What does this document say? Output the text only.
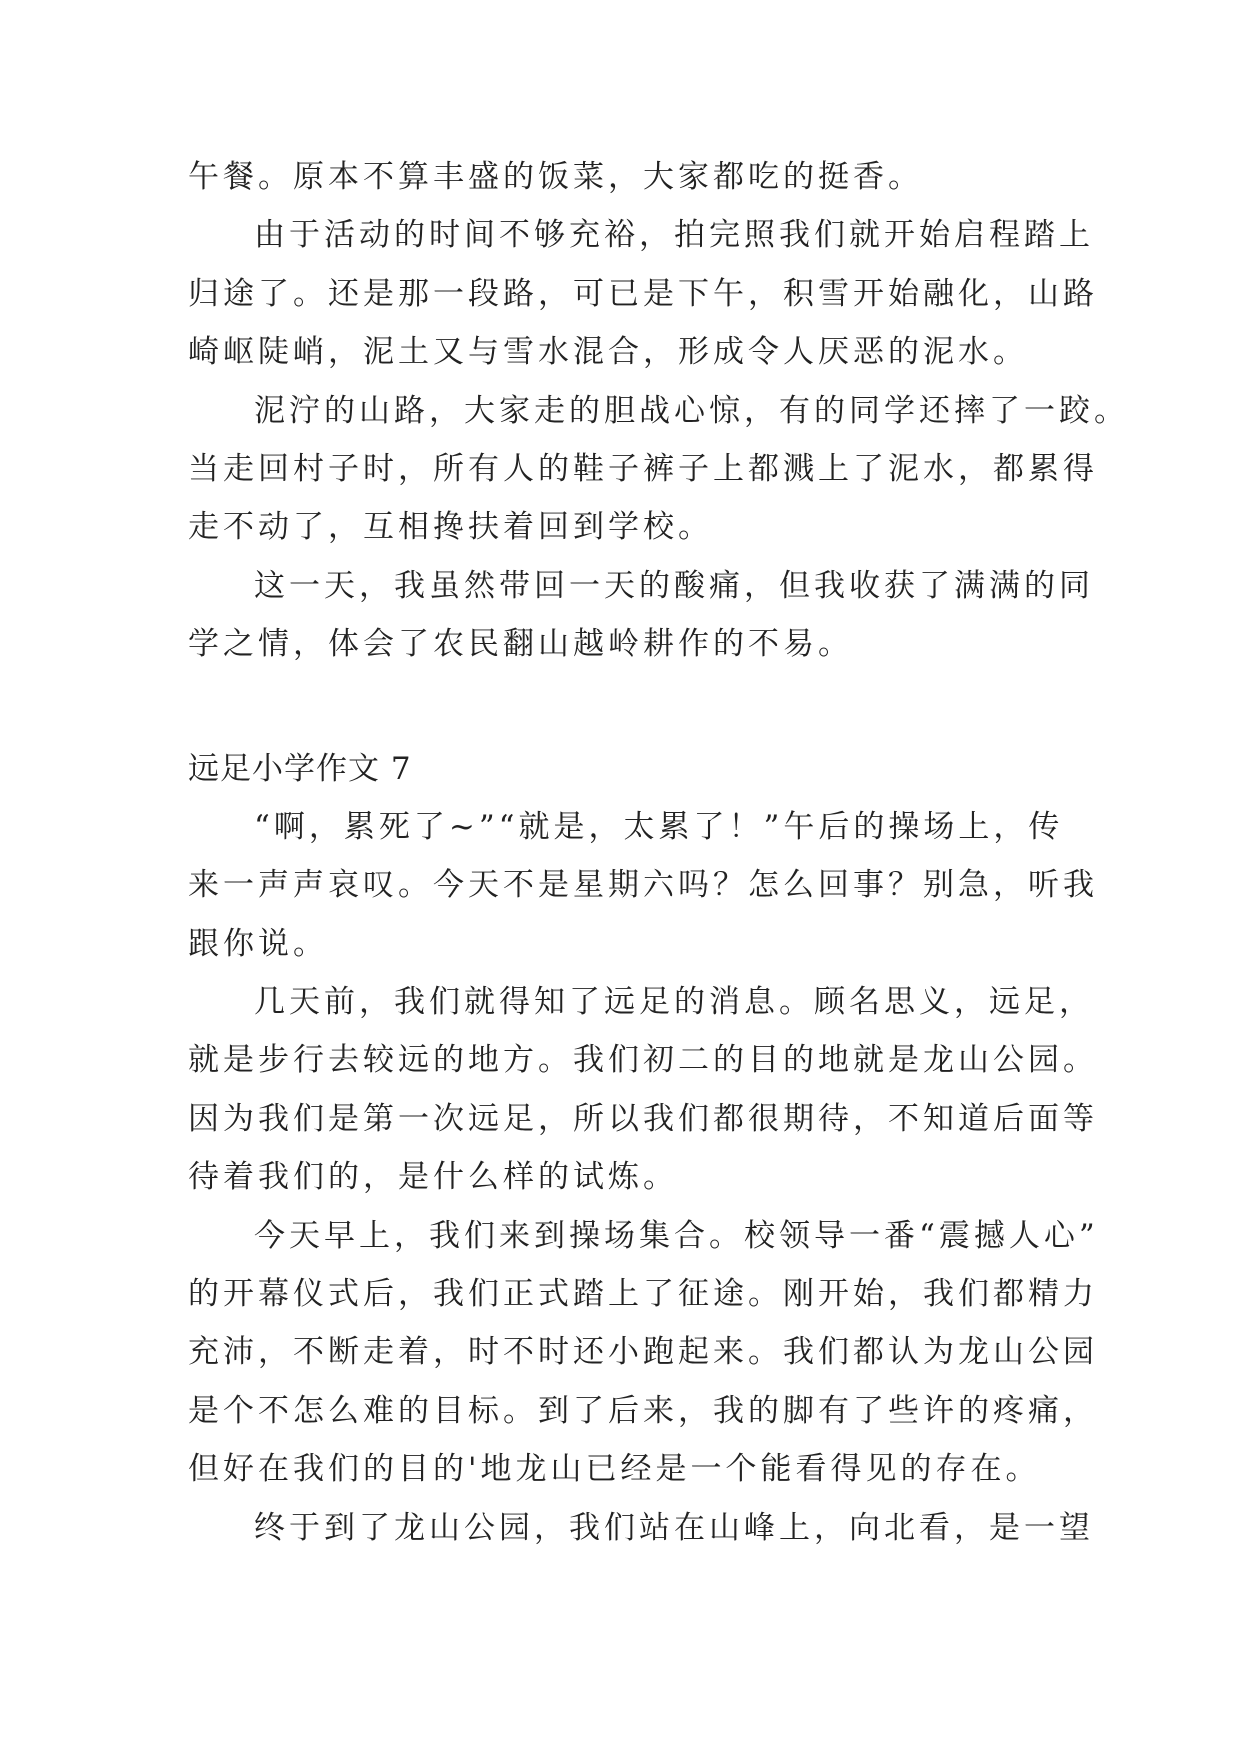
午餐。原本不算丰盛的饭菜，大家都吃的挺香。
由于活动的时间不够充裕，拍完照我们就开始启程踏上
归途了。还是那一段路，可已是下午，积雪开始融化，山路
崎岖陡峭，泥土又与雪水混合，形成令人厌恶的泥水。
泥泞的山路，大家走的胆战心惊，有的同学还摔了一跤。
当走回村子时，所有人的鞋子裤子上都溅上了泥水，都累得
走不动了，互相搀扶着回到学校。
这一天，我虽然带回一天的酸痛，但我收获了满满的同
学之情，体会了农民翻山越岭耕作的不易。
远足小学作文 7
“啊，累死了~”“就是，太累了！”午后的操场上，传
来一声声哀叹。今天不是星期六吗？怎么回事？别急，听我
跟你说。
几天前，我们就得知了远足的消息。顾名思义，远足，
就是步行去较远的地方。我们初二的目的地就是龙山公园。
因为我们是第一次远足，所以我们都很期待，不知道后面等
待着我们的，是什么样的试炼。
今天早上，我们来到操场集合。校领导一番“震撼人心”
的开幕仪式后，我们正式踏上了征途。刚开始，我们都精力
充沛，不断走着，时不时还小跑起来。我们都认为龙山公园
是个不怎么难的目标。到了后来，我的脚有了些许的疼痛，
但好在我们的目的'地龙山已经是一个能看得见的存在。
终于到了龙山公园，我们站在山峰上，向北看，是一望
